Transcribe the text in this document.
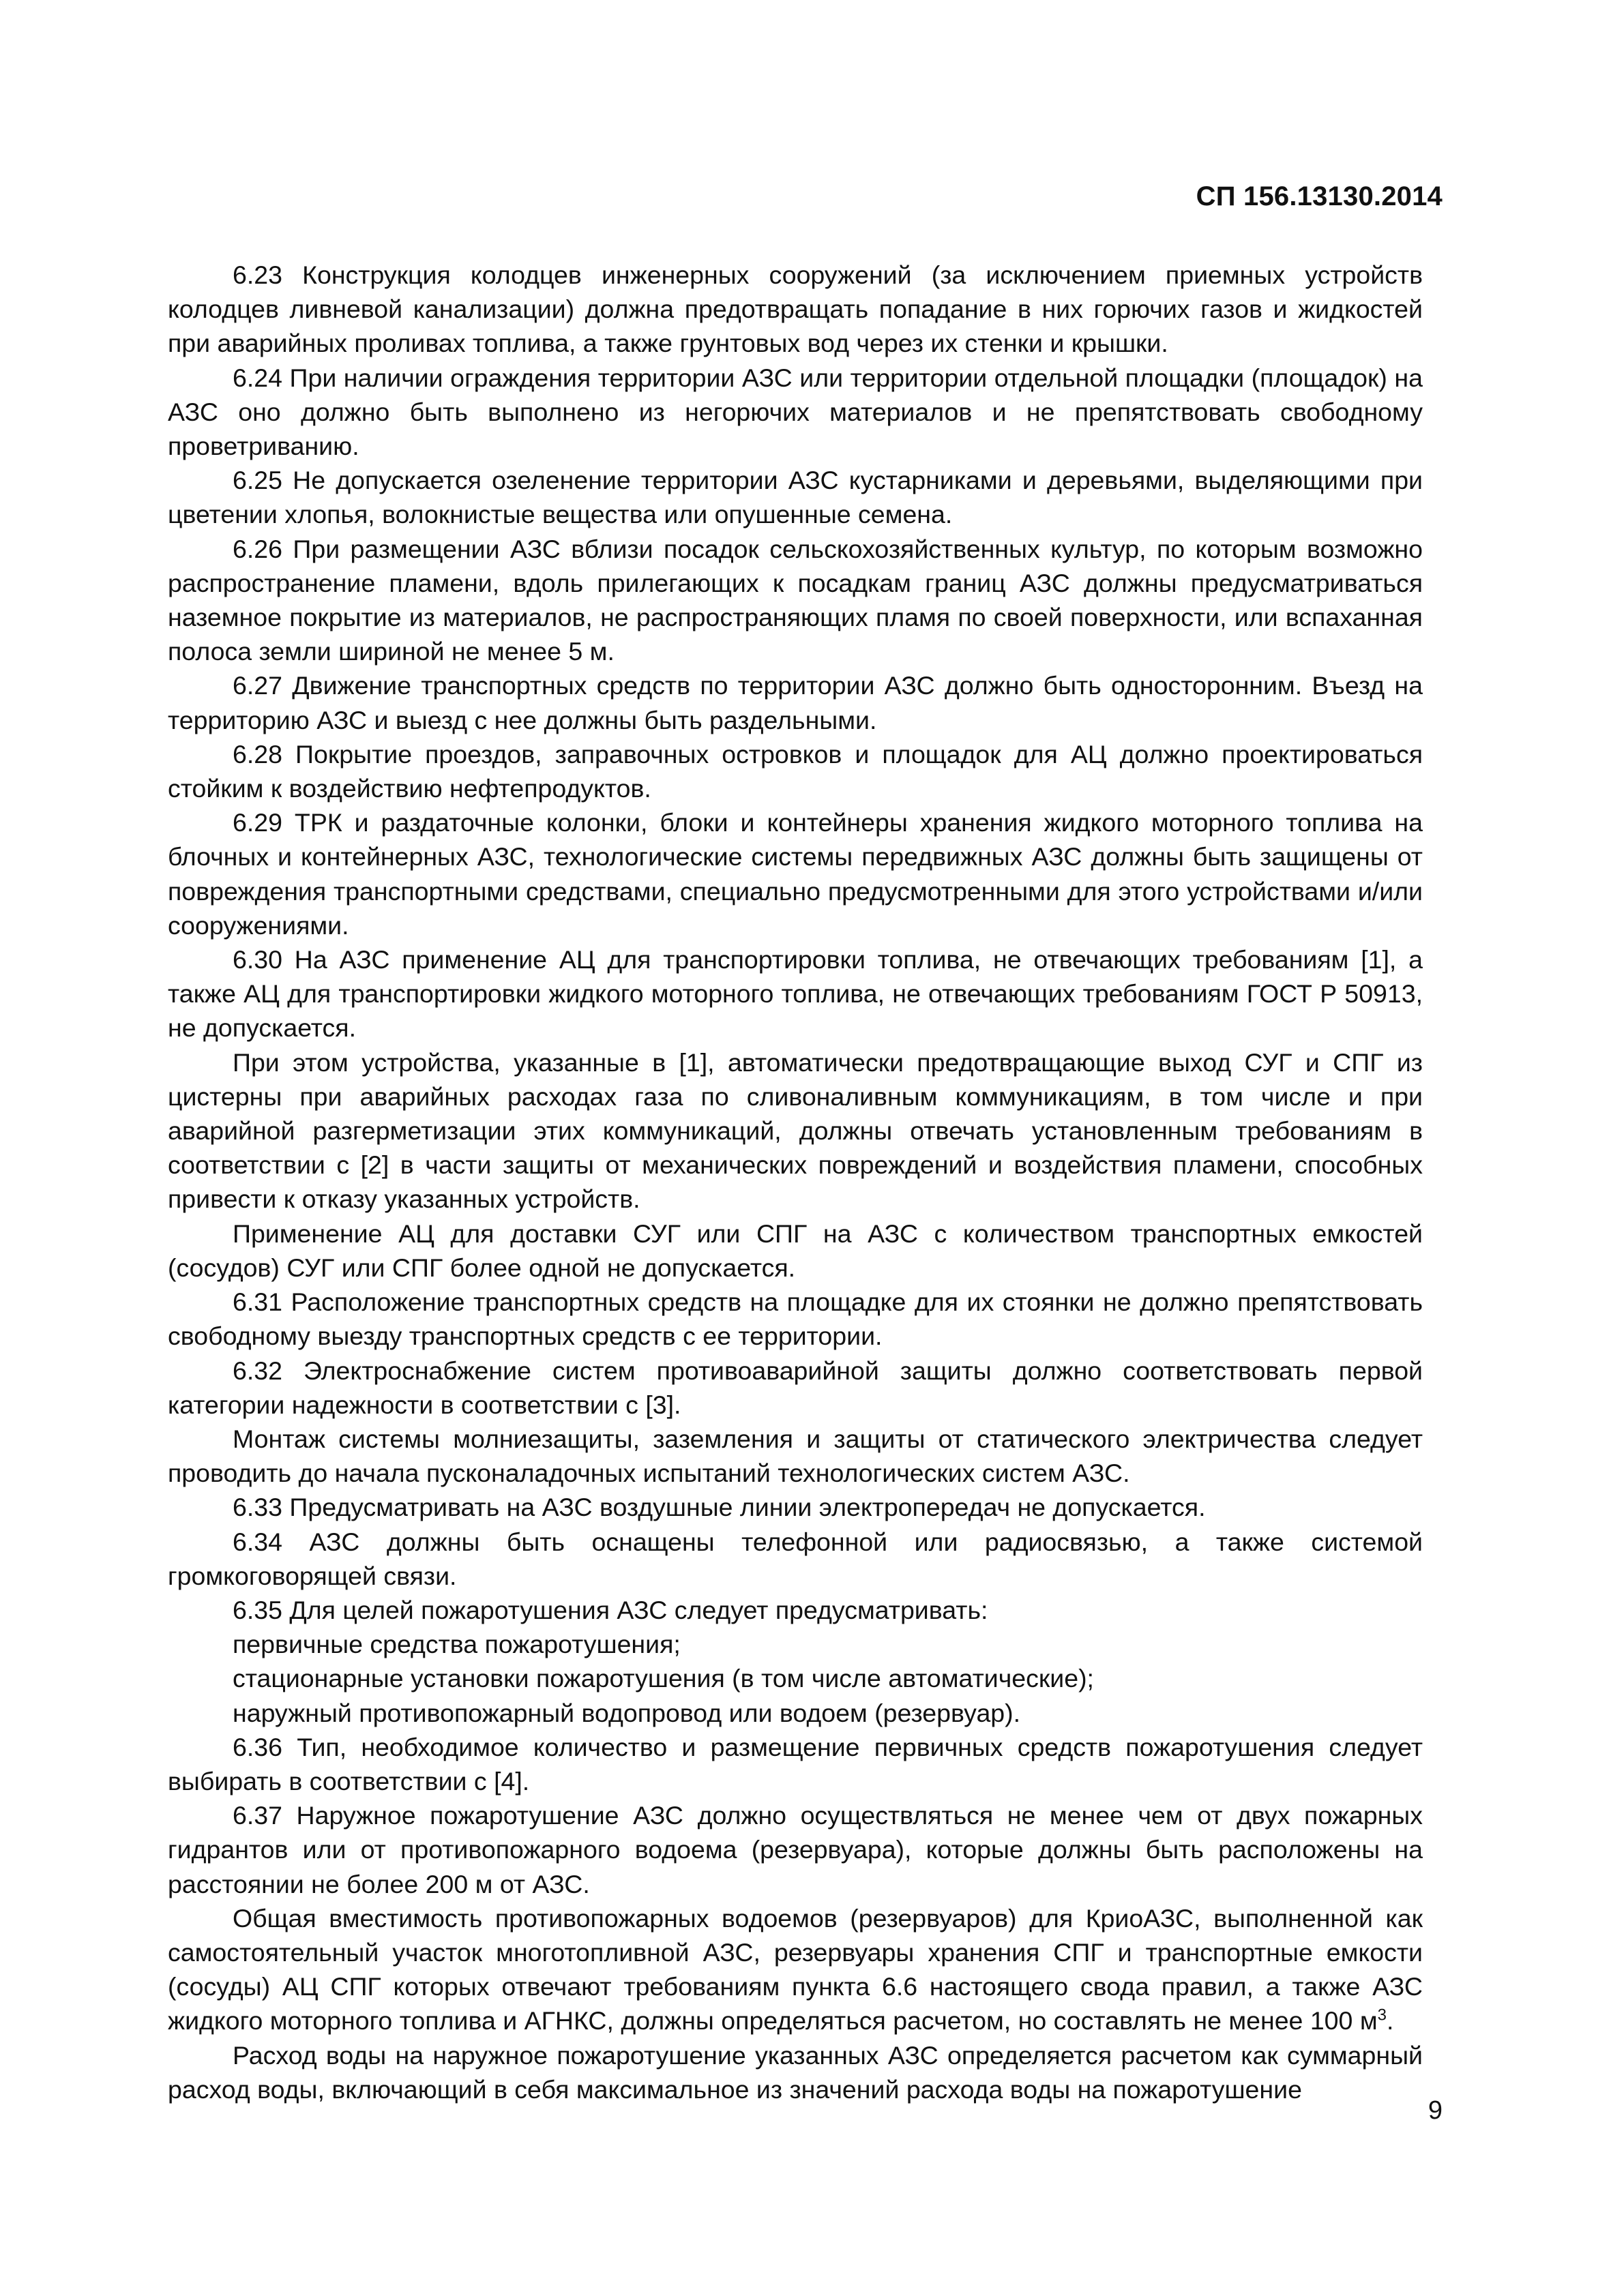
СП 156.13130.2014

6.23 Конструкция колодцев инженерных сооружений (за исключением приемных устройств колодцев ливневой канализации) должна предотвращать попадание в них горючих газов и жидкостей при аварийных проливах топлива, а также грунтовых вод через их стенки и крышки.

6.24 При наличии ограждения территории АЗС или территории отдельной площадки (площадок) на АЗС оно должно быть выполнено из негорючих материалов и не препятствовать свободному проветриванию.

6.25 Не допускается озеленение территории АЗС кустарниками и деревьями, выделяющими при цветении хлопья, волокнистые вещества или опушенные семена.

6.26 При размещении АЗС вблизи посадок сельскохозяйственных культур, по которым возможно распространение пламени, вдоль прилегающих к посадкам границ АЗС должны предусматриваться наземное покрытие из материалов, не распространяющих пламя по своей поверхности, или вспаханная полоса земли шириной не менее 5 м.

6.27 Движение транспортных средств по территории АЗС должно быть односторонним. Въезд на территорию АЗС и выезд с нее должны быть раздельными.

6.28 Покрытие проездов, заправочных островков и площадок для АЦ должно проектироваться стойким к воздействию нефтепродуктов.

6.29 ТРК и раздаточные колонки, блоки и контейнеры хранения жидкого моторного топлива на блочных и контейнерных АЗС, технологические системы передвижных АЗС должны быть защищены от повреждения транспортными средствами, специально предусмотренными для этого устройствами и/или сооружениями.

6.30 На АЗС применение АЦ для транспортировки топлива, не отвечающих требованиям [1], а также АЦ для транспортировки жидкого моторного топлива, не отвечающих требованиям ГОСТ Р 50913, не допускается.

При этом устройства, указанные в [1], автоматически предотвращающие выход СУГ и СПГ из цистерны при аварийных расходах газа по сливоналивным коммуникациям, в том числе и при аварийной разгерметизации этих коммуникаций, должны отвечать установленным требованиям в соответствии с [2] в части защиты от механических повреждений и воздействия пламени, способных привести к отказу указанных устройств.

Применение АЦ для доставки СУГ или СПГ на АЗС с количеством транспортных емкостей (сосудов) СУГ или СПГ более одной не допускается.

6.31 Расположение транспортных средств на площадке для их стоянки не должно препятствовать свободному выезду транспортных средств с ее территории.

6.32 Электроснабжение систем противоаварийной защиты должно соответствовать первой категории надежности в соответствии с [3].

Монтаж системы молниезащиты, заземления и защиты от статического электричества следует проводить до начала пусконаладочных испытаний технологических систем АЗС.

6.33 Предусматривать на АЗС воздушные линии электропередач не допускается.

6.34 АЗС должны быть оснащены телефонной или радиосвязью, а также системой громкоговорящей связи.

6.35 Для целей пожаротушения АЗС следует предусматривать:

первичные средства пожаротушения;

стационарные установки пожаротушения (в том числе автоматические);

наружный противопожарный водопровод или водоем (резервуар).

6.36 Тип, необходимое количество и размещение первичных средств пожаротушения следует выбирать в соответствии с [4].

6.37 Наружное пожаротушение АЗС должно осуществляться не менее чем от двух пожарных гидрантов или от противопожарного водоема (резервуара), которые должны быть расположены на расстоянии не более 200 м от АЗС.

Общая вместимость противопожарных водоемов (резервуаров) для КриоАЗС, выполненной как самостоятельный участок многотопливной АЗС, резервуары хранения СПГ и транспортные емкости (сосуды) АЦ СПГ которых отвечают требованиям пункта 6.6 настоящего свода правил, а также АЗС жидкого моторного топлива и АГНКС, должны определяться расчетом, но составлять не менее 100 $м^3$.

Расход воды на наружное пожаротушение указанных АЗС определяется расчетом как суммарный расход воды, включающий в себя максимальное из значений расхода воды на пожаротушение

9
